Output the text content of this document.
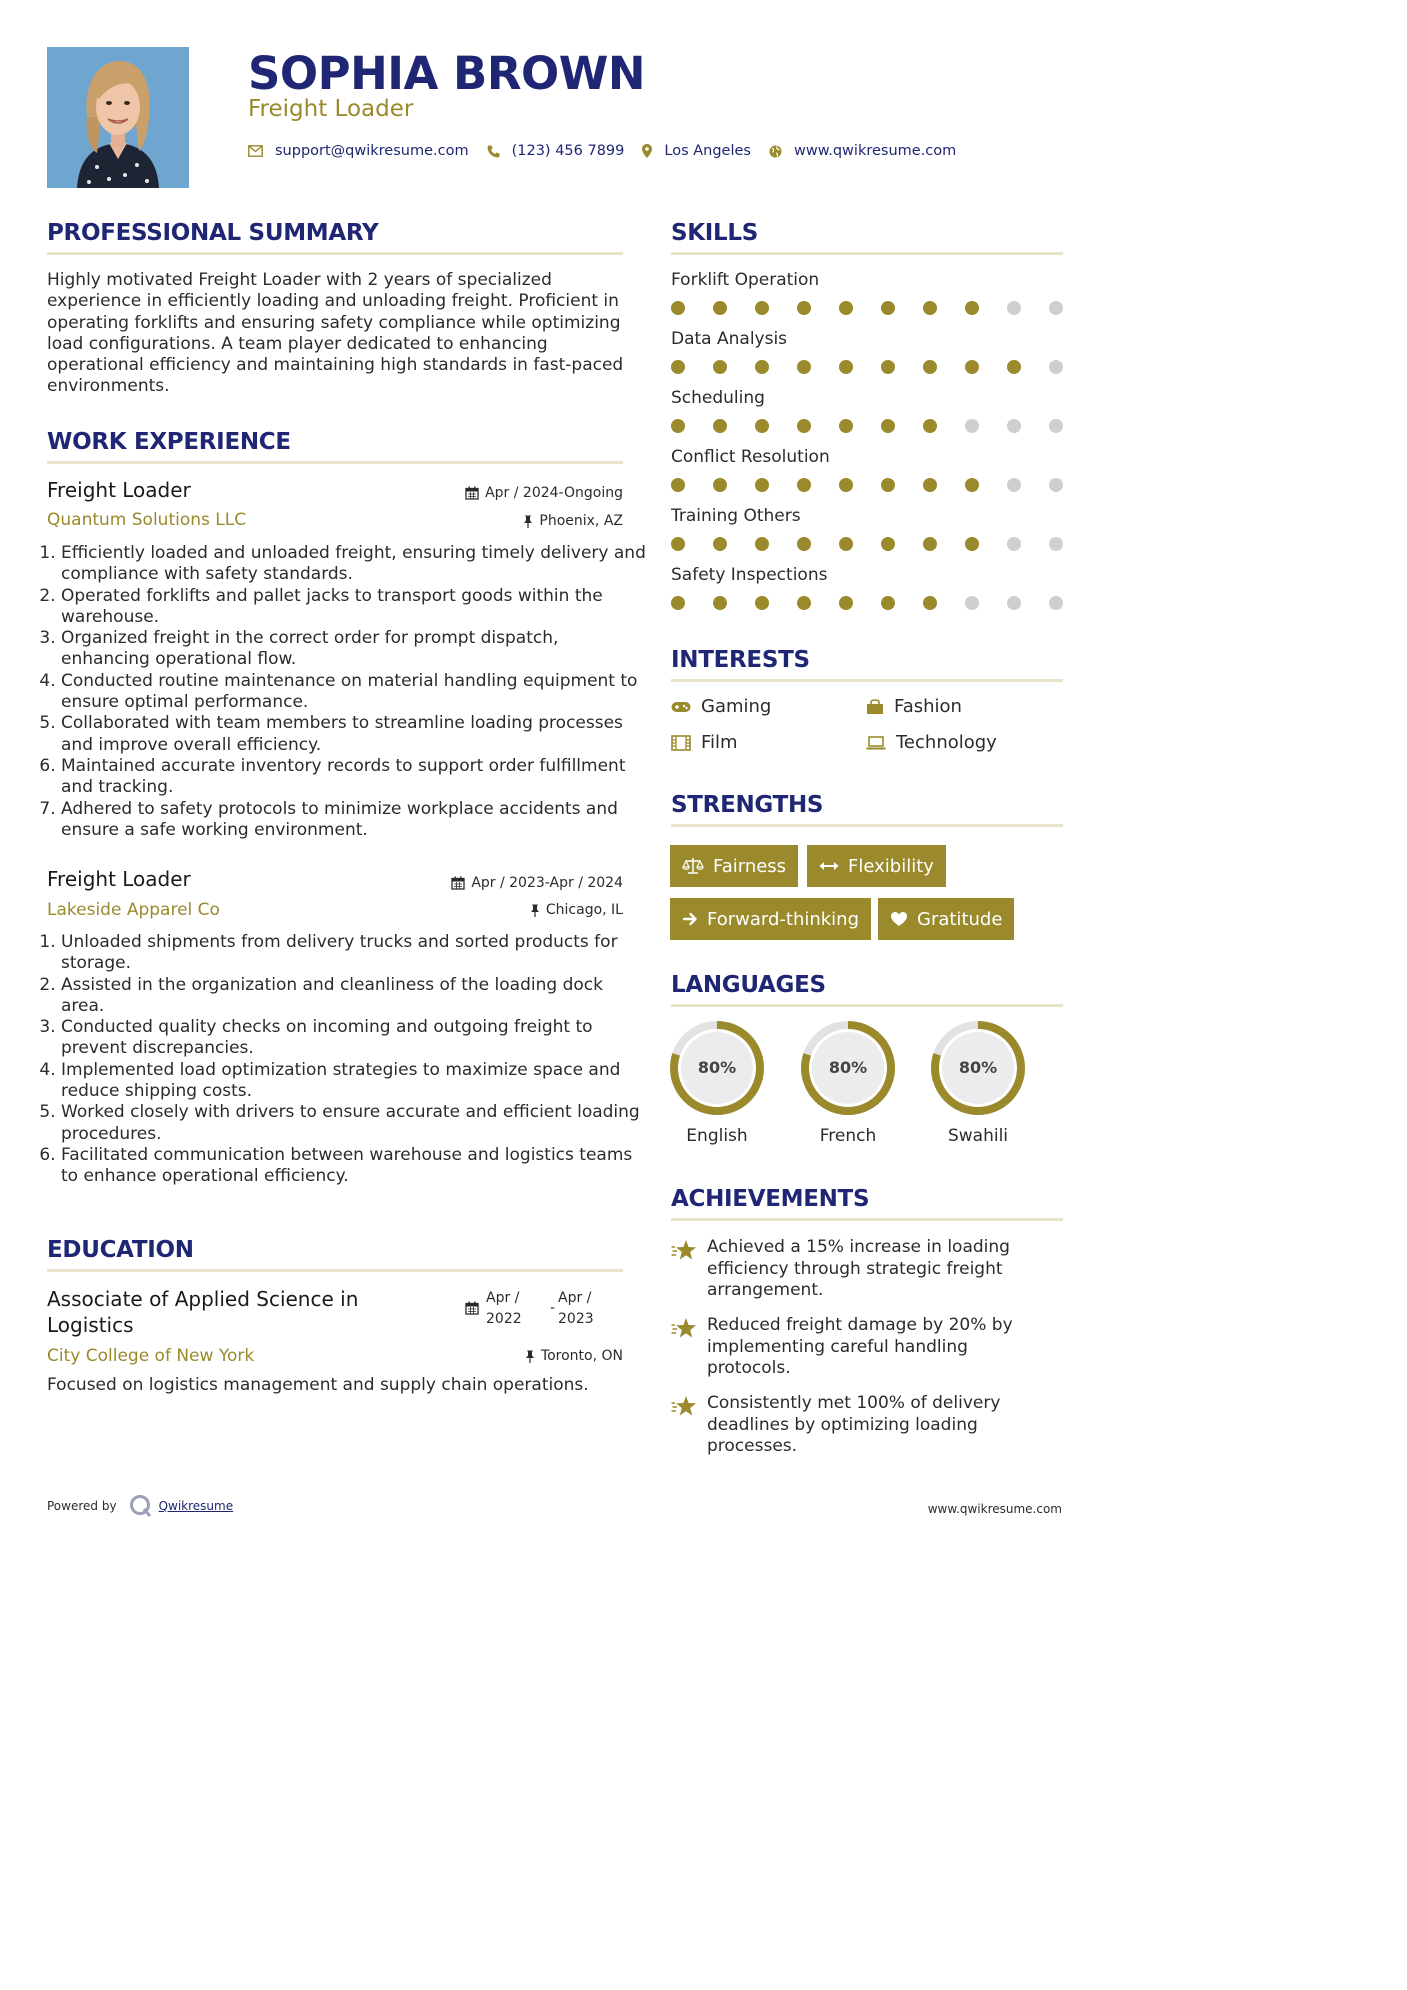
SOPHIA BROWN
Freight Loader
support@qwikresume.com	(123) 456 7899	Los Angeles	www.qwikresume.com
PROFESSIONAL SUMMARY
Highly motivated Freight Loader with 2 years of specialized experience in efficiently loading and unloading freight. Proficient in operating forklifts and ensuring safety compliance while optimizing load configurations. A team player dedicated to enhancing operational efficiency and maintaining high standards in fast-paced environments.
WORK EXPERIENCE
Freight Loader	Apr / 2024-Ongoing
Quantum Solutions LLC	Phoenix, AZ
1. Efficiently loaded and unloaded freight, ensuring timely delivery and compliance with safety standards.
2. Operated forklifts and pallet jacks to transport goods within the warehouse.
3. Organized freight in the correct order for prompt dispatch, enhancing operational flow.
4. Conducted routine maintenance on material handling equipment to ensure optimal performance.
5. Collaborated with team members to streamline loading processes and improve overall efficiency.
6. Maintained accurate inventory records to support order fulfillment and tracking.
7. Adhered to safety protocols to minimize workplace accidents and ensure a safe working environment.
Freight Loader	Apr / 2023-Apr / 2024
Lakeside Apparel Co	Chicago, IL
1. Unloaded shipments from delivery trucks and sorted products for storage.
2. Assisted in the organization and cleanliness of the loading dock area.
3. Conducted quality checks on incoming and outgoing freight to prevent discrepancies.
4. Implemented load optimization strategies to maximize space and reduce shipping costs.
5. Worked closely with drivers to ensure accurate and efficient loading procedures.
6. Facilitated communication between warehouse and logistics teams to enhance operational efficiency.
EDUCATION
Associate of Applied Science in Logistics
Apr /
2022
-
Apr /
2023
City College of New York	Toronto, ON
Focused on logistics management and supply chain operations.
SKILLS
Forklift Operation
Data Analysis
Scheduling
Conflict Resolution
Training Others
Safety Inspections
INTERESTS
Gaming	Fashion
Film	Technology
STRENGTHS
Fairness	Flexibility
Forward-thinking	Gratitude
LANGUAGES
80%
English
80%
French
80%
Swahili
ACHIEVEMENTS
Achieved a 15% increase in loading efficiency through strategic freight arrangement.
Reduced freight damage by 20% by implementing careful handling protocols.
Consistently met 100% of delivery deadlines by optimizing loading processes.
Powered by	Qwikresume	www.qwikresume.com
